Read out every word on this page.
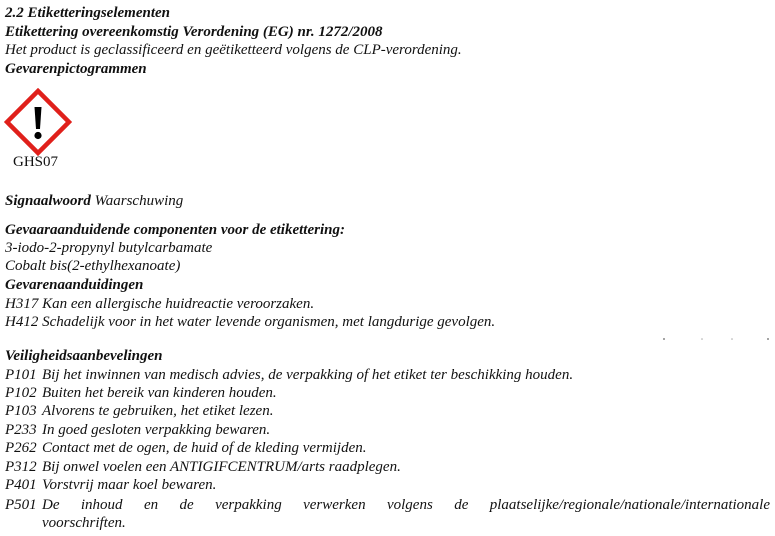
2.2 Etiketteringselementen
Etikettering overeenkomstig Verordening (EG) nr. 1272/2008
Het product is geclassificeerd en geëtiketteerd volgens de CLP-verordening.
Gevarenpictogrammen
GHS07
Signaalwoord Waarschuwing
Gevaaraanduidende componenten voor de etikettering:
3-iodo-2-propynyl butylcarbamate
Cobalt bis(2-ethylhexanoate)
Gevarenaanduidingen
H317 Kan een allergische huidreactie veroorzaken.
H412 Schadelijk voor in het water levende organismen, met langdurige gevolgen.
Veiligheidsaanbevelingen
P101 Bij het inwinnen van medisch advies, de verpakking of het etiket ter beschikking houden.
P102 Buiten het bereik van kinderen houden.
P103 Alvorens te gebruiken, het etiket lezen.
P233 In goed gesloten verpakking bewaren.
P262 Contact met de ogen, de huid of de kleding vermijden.
P312 Bij onwel voelen een ANTIGIFCENTRUM/arts raadplegen.
P401 Vorstvrij maar koel bewaren.
P501 De inhoud en de verpakking verwerken volgens de plaatselijke/regionale/nationale/internationale
voorschriften.
